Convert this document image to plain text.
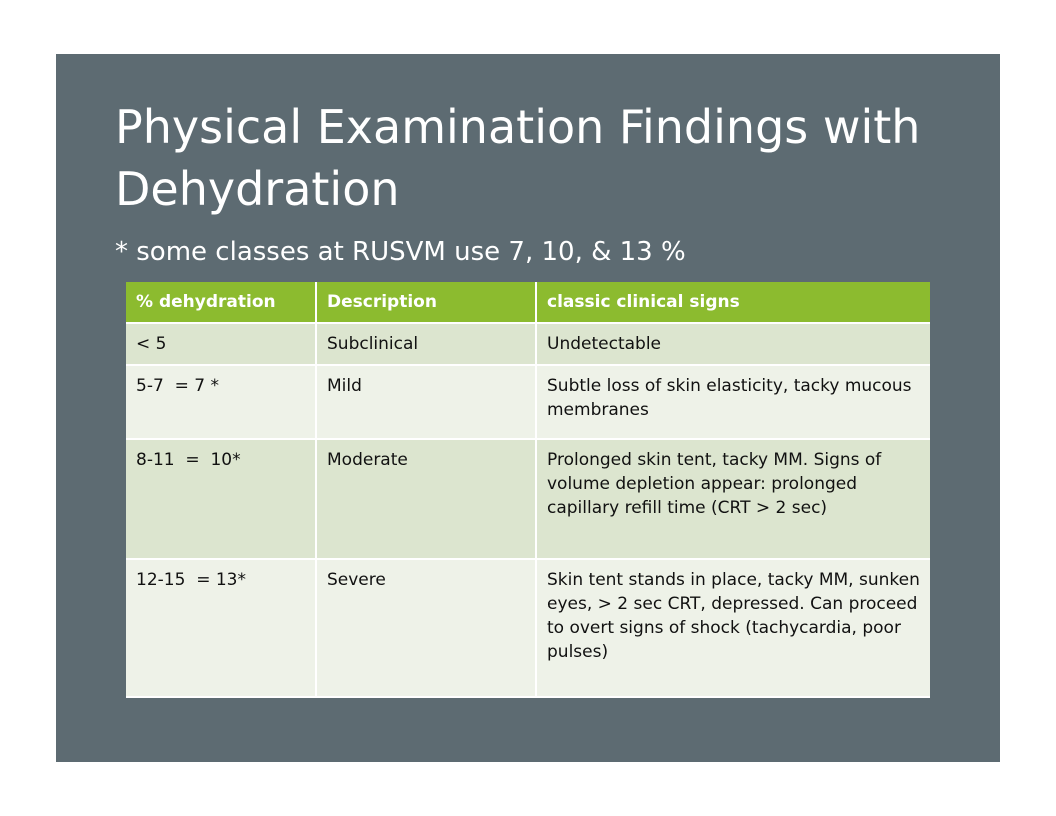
Physical Examination Findings with Dehydration
* some classes at RUSVM use 7, 10, & 13 %
% dehydration	Description	classic clinical signs
< 5	Subclinical	Undetectable
5-7  = 7 *	Mild	Subtle loss of skin elasticity, tacky mucous membranes
8-11  =  10*	Moderate	Prolonged skin tent, tacky MM. Signs of volume depletion appear: prolonged capillary refill time (CRT > 2 sec)
12-15  = 13*	Severe	Skin tent stands in place, tacky MM, sunken eyes, > 2 sec CRT, depressed. Can proceed to overt signs of shock (tachycardia, poor pulses)
